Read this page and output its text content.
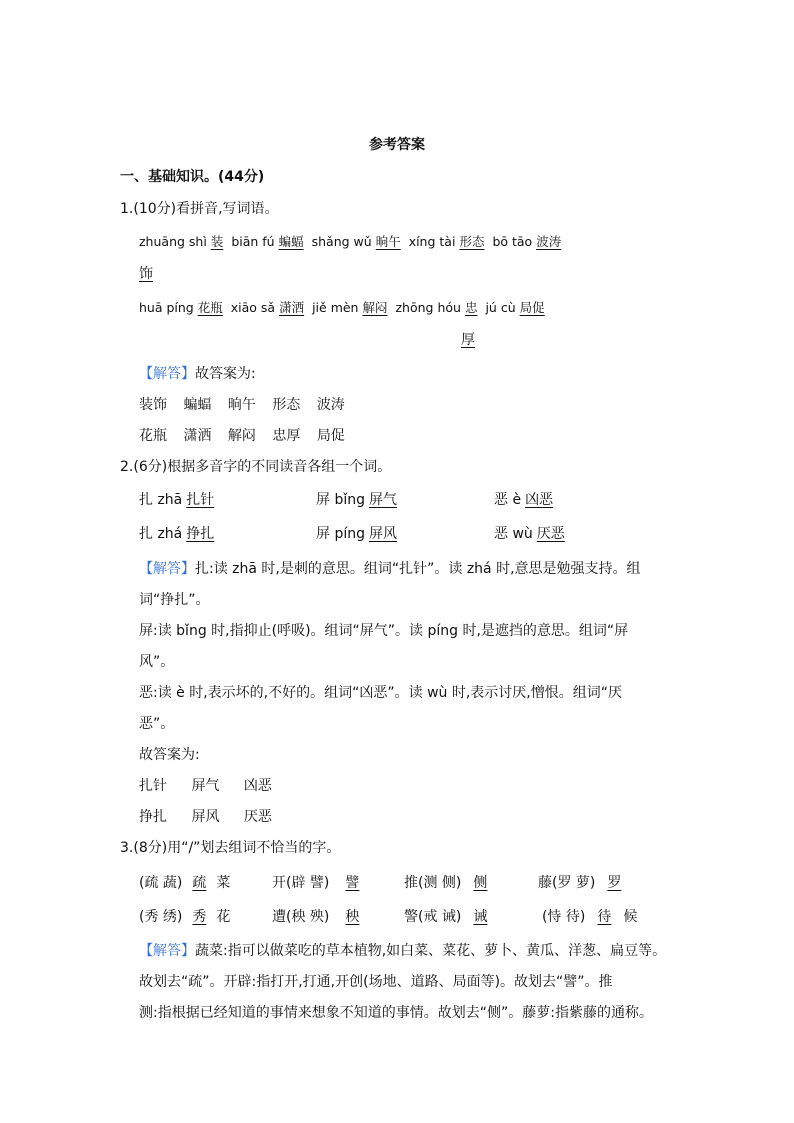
参考答案
一、基础知识。(44分)
1.(10分)看拼音,写词语。
zhuāng shì 装 biān fú 蝙蝠 shǎng wǔ 晌午 xíng tài 形态 bō tāo 波涛
饰
huā píng 花瓶 xiāo sǎ 潇洒 jiě mèn 解闷 zhōng hóu 忠 jú cù 局促
厚
【解答】故答案为:
装饰 蝙蝠 晌午 形态 波涛
花瓶 潇洒 解闷 忠厚 局促
2.(6分)根据多音字的不同读音各组一个词。
扎 zhā 扎针	屏 bǐng 屏气	恶 è 凶恶
扎 zhá 挣扎	屏 píng 屏风	恶 wù 厌恶
【解答】扎:读 zhā 时,是刺的意思。组词“扎针”。读 zhá 时,意思是勉强支持。组
词“挣扎”。
屏:读 bǐng 时,指抑止(呼吸)。组词“屏气”。读 píng 时,是遮挡的意思。组词“屏
风”。
恶:读 è 时,表示坏的,不好的。组词“凶恶”。读 wù 时,表示讨厌,憎恨。组词“厌
恶”。
故答案为:
扎针 屏气 凶恶
挣扎 屏风 厌恶
3.(8分)用“/”划去组词不恰当的字。
(疏 蔬) 疏 菜	开(辟 譬) 譬	推(测 侧) 侧	藤(罗 萝) 罗
(秀 绣) 秀 花	遭(秧 殃) 秧	警(戒 诫) 诫	(恃 待) 待 候
【解答】蔬菜:指可以做菜吃的草本植物,如白菜、菜花、萝卜、黄瓜、洋葱、扁豆等。
故划去“疏”。开辟:指打开,打通,开创(场地、道路、局面等)。故划去“譬”。推
测:指根据已经知道的事情来想象不知道的事情。故划去“侧”。藤萝:指紫藤的通称。
